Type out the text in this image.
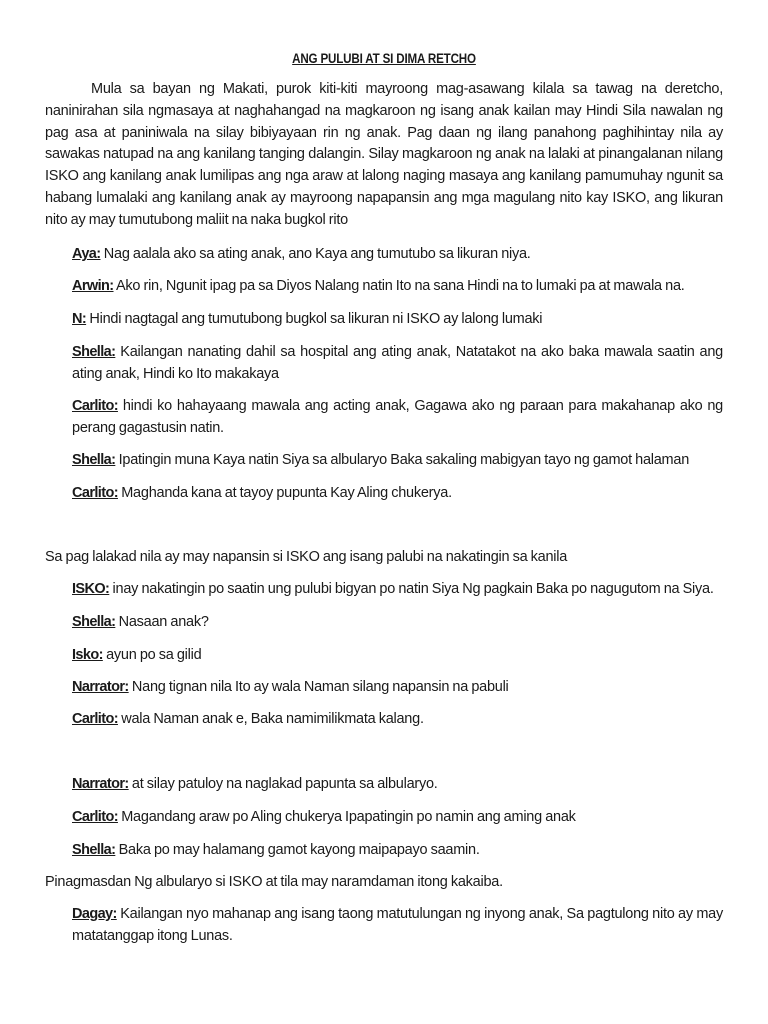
ANG PULUBI AT SI DIMA RETCHO

Mula sa bayan ng Makati, purok kiti-kiti mayroong mag-asawang kilala sa tawag na deretcho, naninirahan sila ngmasaya at naghahangad na magkaroon ng isang anak kailan may Hindi Sila nawalan ng pag asa at paniniwala na silay bibiyayaan rin ng anak. Pag daan ng ilang panahong paghihintay nila ay sawakas natupad na ang kanilang tanging dalangin. Silay magkaroon ng anak na lalaki at pinangalanan nilang ISKO ang kanilang anak lumilipas ang nga araw at lalong naging masaya ang kanilang pamumuhay ngunit sa habang lumalaki ang kanilang anak ay mayroong napapansin ang mga magulang nito kay ISKO, ang likuran nito ay may tumutubong maliit na naka bugkol rito

Aya: Nag aalala ako sa ating anak, ano Kaya ang tumutubo sa likuran niya.
Arwin: Ako rin, Ngunit ipag pa sa Diyos Nalang natin Ito na sana Hindi na to lumaki pa at mawala na.
N: Hindi nagtagal ang tumutubong bugkol sa likuran ni ISKO ay lalong lumaki
Shella: Kailangan nanating dahil sa hospital ang ating anak, Natatakot na ako baka mawala saatin ang ating anak, Hindi ko Ito makakaya
Carlito: hindi ko hahayaang mawala ang acting anak, Gagawa ako ng paraan para makahanap ako ng perang gagastusin natin.
Shella: Ipatingin muna Kaya natin Siya sa albularyo Baka sakaling mabigyan tayo ng gamot halaman
Carlito: Maghanda kana at tayoy pupunta Kay Aling chukerya.
Sa pag lalakad nila ay may napansin si ISKO ang isang palubi na nakatingin sa kanila
ISKO: inay nakatingin po saatin ung pulubi bigyan po natin Siya Ng pagkain Baka po nagugutom na Siya.
Shella: Nasaan anak?
Isko: ayun po sa gilid
Narrator: Nang tignan nila Ito ay wala Naman silang napansin na pabuli
Carlito: wala Naman anak e, Baka namimilikmata kalang.
Narrator: at silay patuloy na naglakad papunta sa albularyo.
Carlito: Magandang araw po Aling chukerya Ipapatingin po namin ang aming anak
Shella: Baka po may halamang gamot kayong maipapayo saamin.
Pinagmasdan Ng albularyo si ISKO at tila may naramdaman itong kakaiba.
Dagay: Kailangan nyo mahanap ang isang taong matutulungan ng inyong anak, Sa pagtulong nito ay may matatanggap itong Lunas.
